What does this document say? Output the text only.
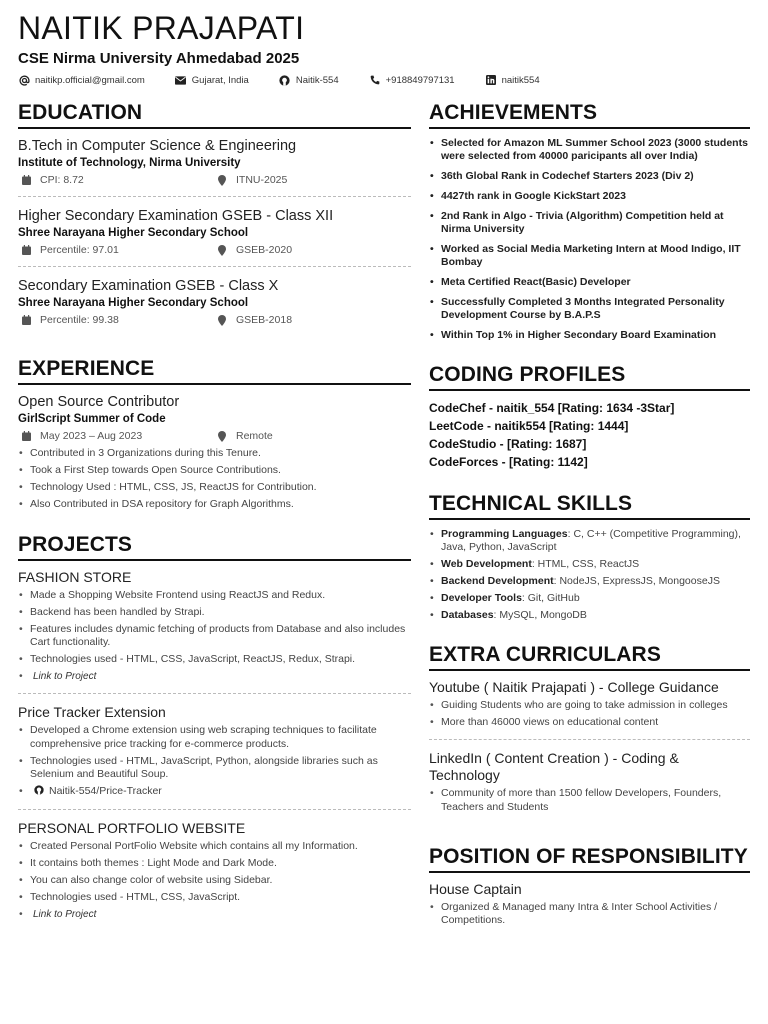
NAITIK PRAJAPATI
CSE Nirma University Ahmedabad 2025
naitikp.official@gmail.com	Gujarat, India	Naitik-554	+918849797131	naitik554
EDUCATION
B.Tech in Computer Science & Engineering
Institute of Technology, Nirma University
CPI: 8.72	ITNU-2025
Higher Secondary Examination GSEB - Class XII
Shree Narayana Higher Secondary School
Percentile: 97.01	GSEB-2020
Secondary Examination GSEB - Class X
Shree Narayana Higher Secondary School
Percentile: 99.38	GSEB-2018
EXPERIENCE
Open Source Contributor
GirlScript Summer of Code
May 2023 – Aug 2023	Remote
• Contributed in 3 Organizations during this Tenure.
• Took a First Step towards Open Source Contributions.
• Technology Used : HTML, CSS, JS, ReactJS for Contribution.
• Also Contributed in DSA repository for Graph Algorithms.
PROJECTS
FASHION STORE
• Made a Shopping Website Frontend using ReactJS and Redux.
• Backend has been handled by Strapi.
• Features includes dynamic fetching of products from Database and also includes Cart functionality.
• Technologies used - HTML, CSS, JavaScript, ReactJS, Redux, Strapi.
• Link to Project
Price Tracker Extension
• Developed a Chrome extension using web scraping techniques to facilitate comprehensive price tracking for e-commerce products.
• Technologies used - HTML, JavaScript, Python, alongside libraries such as Selenium and Beautiful Soup.
• Naitik-554/Price-Tracker
PERSONAL PORTFOLIO WEBSITE
• Created Personal PortFolio Website which contains all my Information.
• It contains both themes : Light Mode and Dark Mode.
• You can also change color of website using Sidebar.
• Technologies used - HTML, CSS, JavaScript.
• Link to Project
ACHIEVEMENTS
• Selected for Amazon ML Summer School 2023 (3000 students were selected from 40000 paricipants all over India)
• 36th Global Rank in Codechef Starters 2023 (Div 2)
• 4427th rank in Google KickStart 2023
• 2nd Rank in Algo - Trivia (Algorithm) Competition held at Nirma University
• Worked as Social Media Marketing Intern at Mood Indigo, IIT Bombay
• Meta Certified React(Basic) Developer
• Successfully Completed 3 Months Integrated Personality Development Course by B.A.P.S
• Within Top 1% in Higher Secondary Board Examination
CODING PROFILES
CodeChef - naitik_554 [Rating: 1634 -3Star]
LeetCode - naitik554 [Rating: 1444]
CodeStudio - [Rating: 1687]
CodeForces - [Rating: 1142]
TECHNICAL SKILLS
• Programming Languages: C, C++ (Competitive Programming), Java, Python, JavaScript
• Web Development: HTML, CSS, ReactJS
• Backend Development: NodeJS, ExpressJS, MongooseJS
• Developer Tools: Git, GitHub
• Databases: MySQL, MongoDB
EXTRA CURRICULARS
Youtube ( Naitik Prajapati ) - College Guidance
• Guiding Students who are going to take admission in colleges
• More than 46000 views on educational content
LinkedIn ( Content Creation ) - Coding & Technology
• Community of more than 1500 fellow Developers, Founders, Teachers and Students
POSITION OF RESPONSIBILITY
House Captain
• Organized & Managed many Intra & Inter School Activities / Competitions.
